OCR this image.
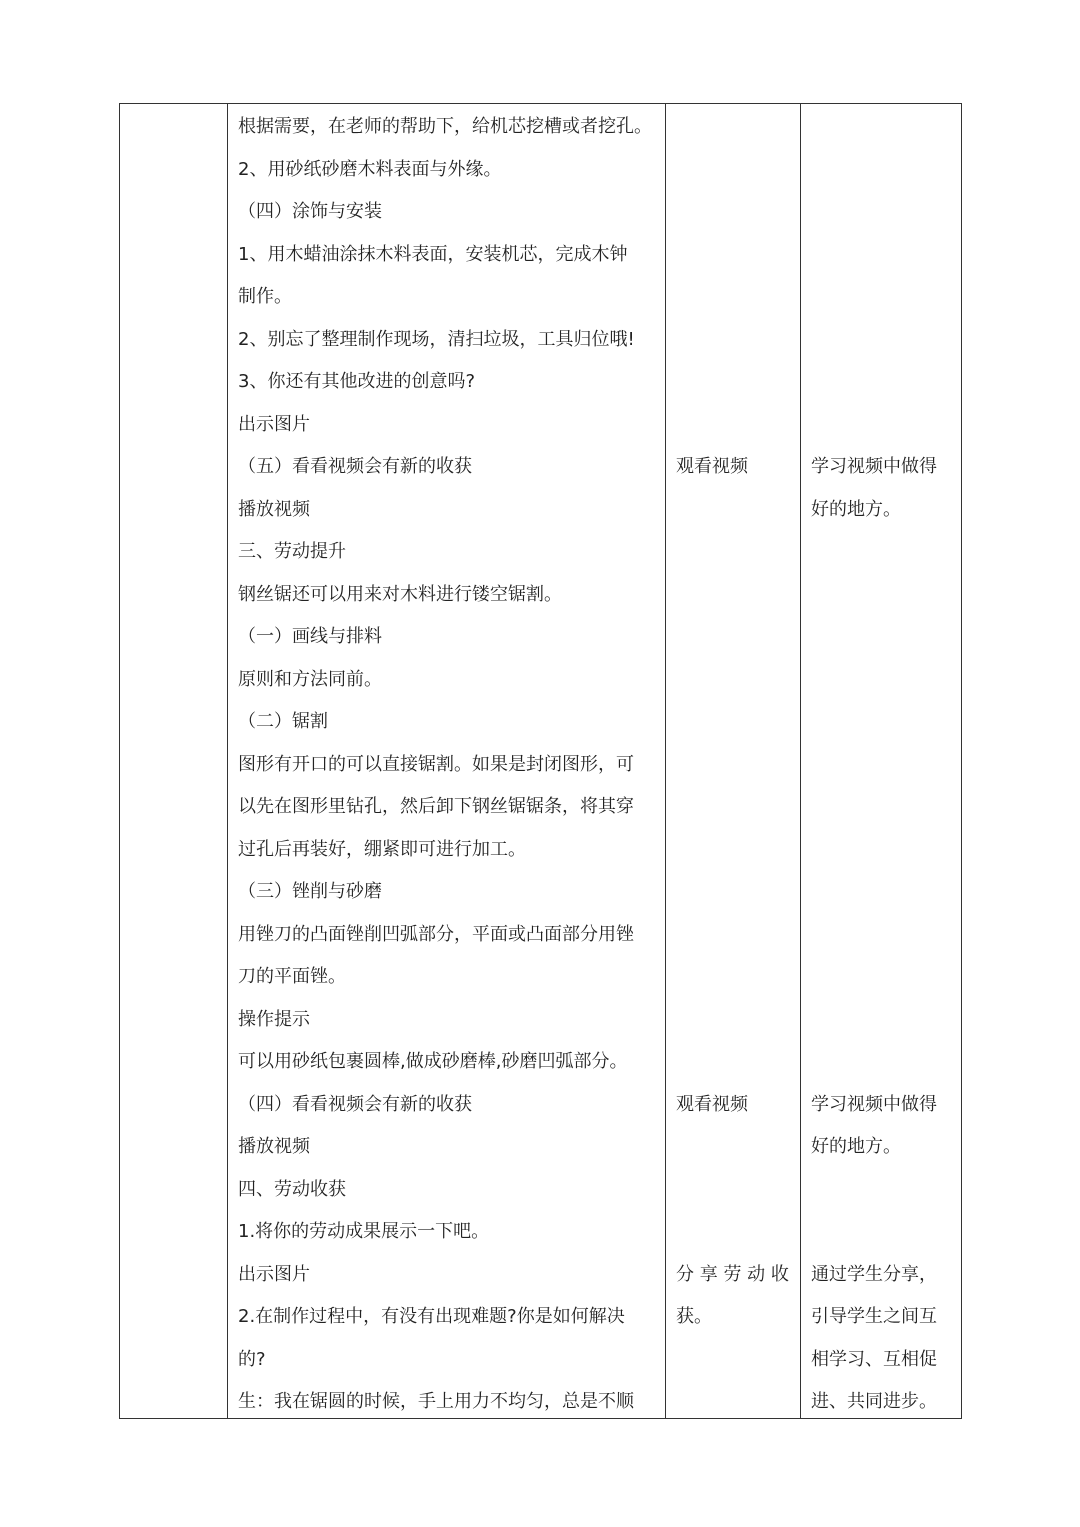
根据需要，在老师的帮助下，给机芯挖槽或者挖孔。
2、用砂纸砂磨木料表面与外缘。
（四）涂饰与安装
1、用木蜡油涂抹木料表面，安装机芯，完成木钟
制作。
2、别忘了整理制作现场，清扫垃圾，工具归位哦!
3、你还有其他改进的创意吗?
出示图片
（五）看看视频会有新的收获
播放视频
三、劳动提升
钢丝锯还可以用来对木料进行镂空锯割。
（一）画线与排料
原则和方法同前。
（二）锯割
图形有开口的可以直接锯割。如果是封闭图形，可
以先在图形里钻孔，然后卸下钢丝锯锯条，将其穿
过孔后再装好，绷紧即可进行加工。
（三）锉削与砂磨
用锉刀的凸面锉削凹弧部分，平面或凸面部分用锉
刀的平面锉。
操作提示
可以用砂纸包裹圆棒,做成砂磨棒,砂磨凹弧部分。
（四）看看视频会有新的收获
播放视频
四、劳动收获
1.将你的劳动成果展示一下吧。
出示图片
2.在制作过程中，有没有出现难题?你是如何解决
的?
生：我在锯圆的时候，手上用力不均匀，总是不顺
观看视频
观看视频
分 享 劳 动 收
获。
学习视频中做得
好的地方。
学习视频中做得
好的地方。
通过学生分享，
引导学生之间互
相学习、互相促
进、共同进步。
